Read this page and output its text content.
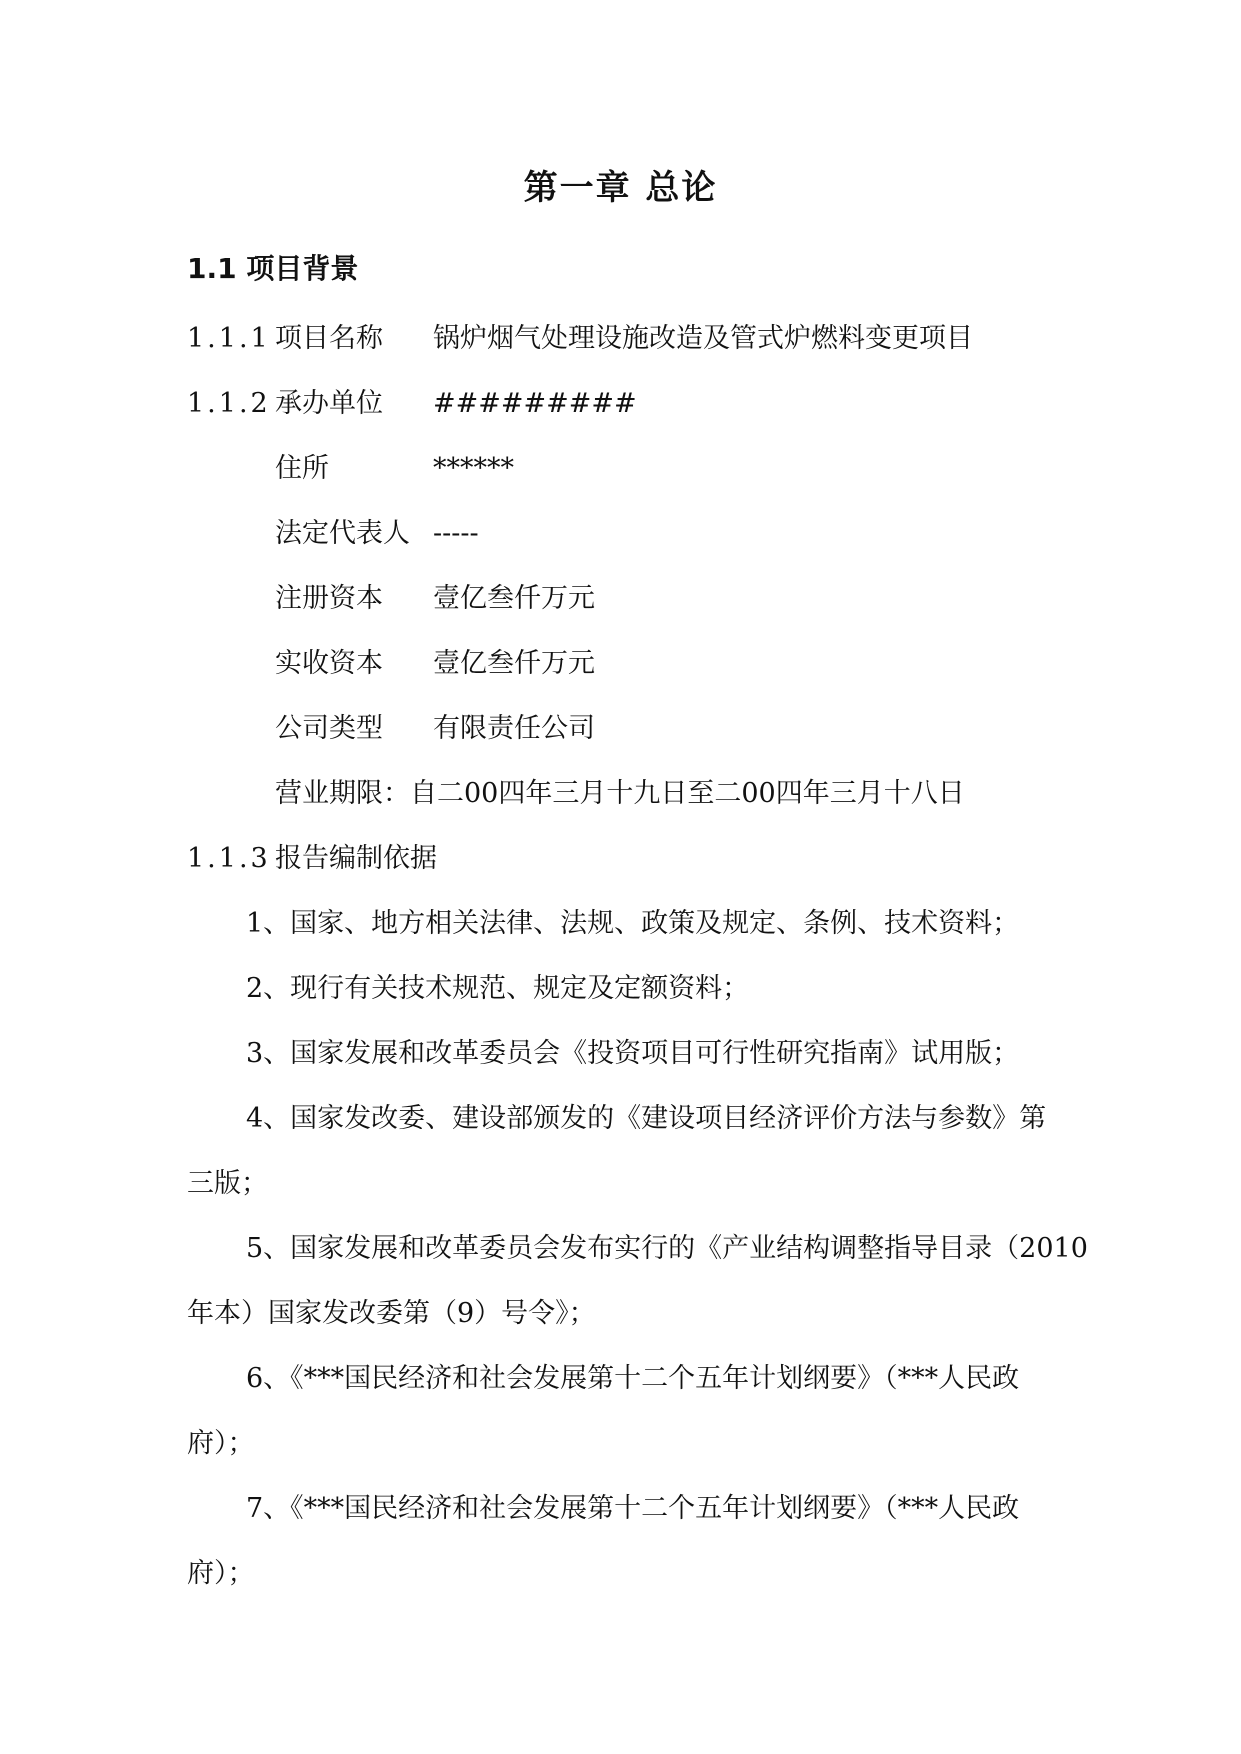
第一章 总论
1.1 项目背景
1.1.1 项目名称 锅炉烟气处理设施改造及管式炉燃料变更项目
1.1.2 承办单位 #########
住所	******
法定代表人 -----
注册资本 壹亿叁仟万元
实收资本 壹亿叁仟万元
公司类型 有限责任公司
营业期限：自二00四年三月十九日至二00四年三月十八日
1.1.3 报告编制依据
1、国家、地方相关法律、法规、政策及规定、条例、技术资料；
2、现行有关技术规范、规定及定额资料；
3、国家发展和改革委员会《投资项目可行性研究指南》试用版；
4、国家发改委、建设部颁发的《建设项目经济评价方法与参数》第
三版；
5、国家发展和改革委员会发布实行的《产业结构调整指导目录（2010
年本）国家发改委第（9）号令》；
6、《***国民经济和社会发展第十二个五年计划纲要》（***人民政
府）；
7、《***国民经济和社会发展第十二个五年计划纲要》（***人民政
府）；
